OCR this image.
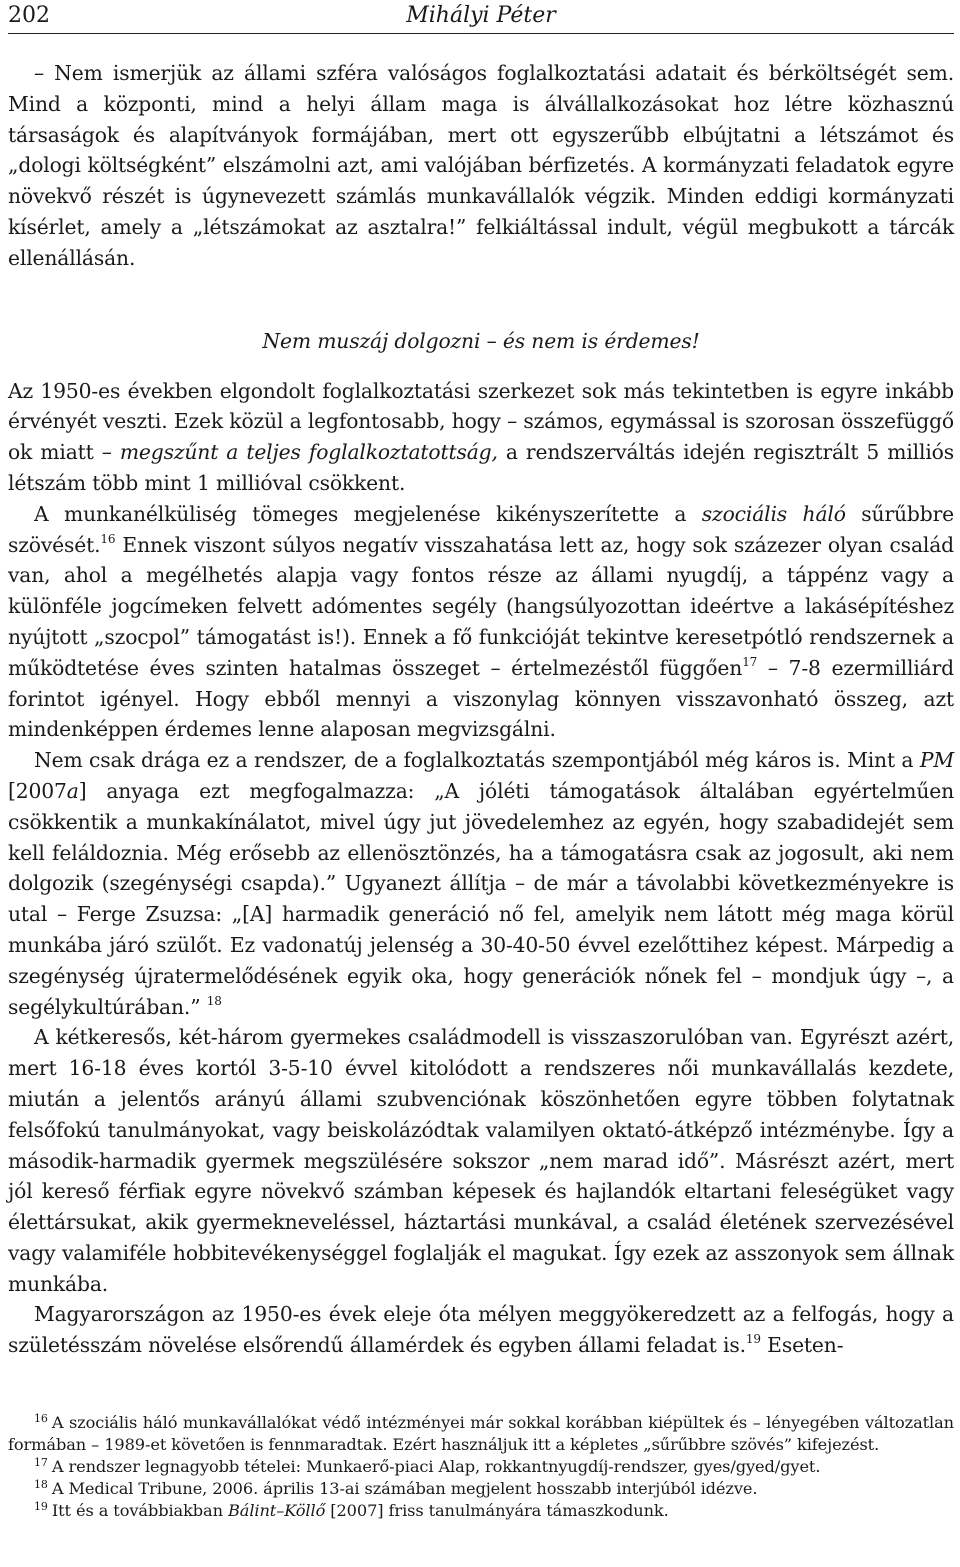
202	Mihályi Péter

– Nem ismerjük az állami szféra valóságos foglalkoztatási adatait és bérköltségét sem. Mind a központi, mind a helyi állam maga is álvállalkozásokat hoz létre közhasznú társaságok és alapítványok formájában, mert ott egyszerűbb elbújtatni a létszámot és „dologi költségként” elszámolni azt, ami valójában bérfizetés. A kormányzati feladatok egyre növekvő részét is úgynevezett számlás munkavállalók végzik. Minden eddigi kormányzati kísérlet, amely a „létszámokat az asztalra!” felkiáltással indult, végül megbukott a tárcák ellenállásán.

Nem muszáj dolgozni – és nem is érdemes!

Az 1950-es években elgondolt foglalkoztatási szerkezet sok más tekintetben is egyre inkább érvényét veszti. Ezek közül a legfontosabb, hogy – számos, egymással is szorosan összefüggő ok miatt – megszűnt a teljes foglalkoztatottság, a rendszerváltás idején regisztrált 5 milliós létszám több mint 1 millióval csökkent.

A munkanélküliség tömeges megjelenése kikényszerítette a szociális háló sűrűbbre szövését.$^{16}$ Ennek viszont súlyos negatív visszahatása lett az, hogy sok százezer olyan család van, ahol a megélhetés alapja vagy fontos része az állami nyugdíj, a táppénz vagy a különféle jogcímeken felvett adómentes segély (hangsúlyozottan ideértve a lakásépítéshez nyújtott „szocpol” támogatást is!). Ennek a fő funkcióját tekintve keresetpótló rendszernek a működtetése éves szinten hatalmas összeget – értelmezéstől függően$^{17}$ – 7-8 ezermilliárd forintot igényel. Hogy ebből mennyi a viszonylag könnyen visszavonható összeg, azt mindenképpen érdemes lenne alaposan megvizsgálni.

Nem csak drága ez a rendszer, de a foglalkoztatás szempontjából még káros is. Mint a PM [2007a] anyaga ezt megfogalmazza: „A jóléti támogatások általában egyértelműen csökkentik a munkakínálatot, mivel úgy jut jövedelemhez az egyén, hogy szabadidejét sem kell feláldoznia. Még erősebb az ellenösztönzés, ha a támogatásra csak az jogosult, aki nem dolgozik (szegénységi csapda).” Ugyanezt állítja – de már a távolabbi következményekre is utal – Ferge Zsuzsa: „[A] harmadik generáció nő fel, amelyik nem látott még maga körül munkába járó szülőt. Ez vadonatúj jelenség a 30-40-50 évvel ezelőttihez képest. Márpedig a szegénység újratermelődésének egyik oka, hogy generációk nőnek fel – mondjuk úgy –, a segélykultúrában.” $^{18}$

A kétkeresős, két-három gyermekes családmodell is visszaszorulóban van. Egyrészt azért, mert 16-18 éves kortól 3-5-10 évvel kitolódott a rendszeres női munkavállalás kezdete, miután a jelentős arányú állami szubvenciónak köszönhetően egyre többen folytatnak felsőfokú tanulmányokat, vagy beiskolázódtak valamilyen oktató-átképző intézménybe. Így a második-harmadik gyermek megszülésére sokszor „nem marad idő”. Másrészt azért, mert jól kereső férfiak egyre növekvő számban képesek és hajlandók eltartani feleségüket vagy élettársukat, akik gyermekneveléssel, háztartási munkával, a család életének szervezésével vagy valamiféle hobbitevékenységgel foglalják el magukat. Így ezek az asszonyok sem állnak munkába.

Magyarországon az 1950-es évek eleje óta mélyen meggyökeredzett az a felfogás, hogy a születésszám növelése elsőrendű államérdek és egyben állami feladat is.$^{19}$ Eseten-

$^{16}$ A szociális háló munkavállalókat védő intézményei már sokkal korábban kiépültek és – lényegében változatlan formában – 1989-et követően is fennmaradtak. Ezért használjuk itt a képletes „sűrűbbre szövés” kifejezést.

$^{17}$ A rendszer legnagyobb tételei: Munkaerő-piaci Alap, rokkantnyugdíj-rendszer, gyes/gyed/gyet.

$^{18}$ A Medical Tribune, 2006. április 13-ai számában megjelent hosszabb interjúból idézve.

$^{19}$ Itt és a továbbiakban Bálint–Köllő [2007] friss tanulmányára támaszkodunk.
